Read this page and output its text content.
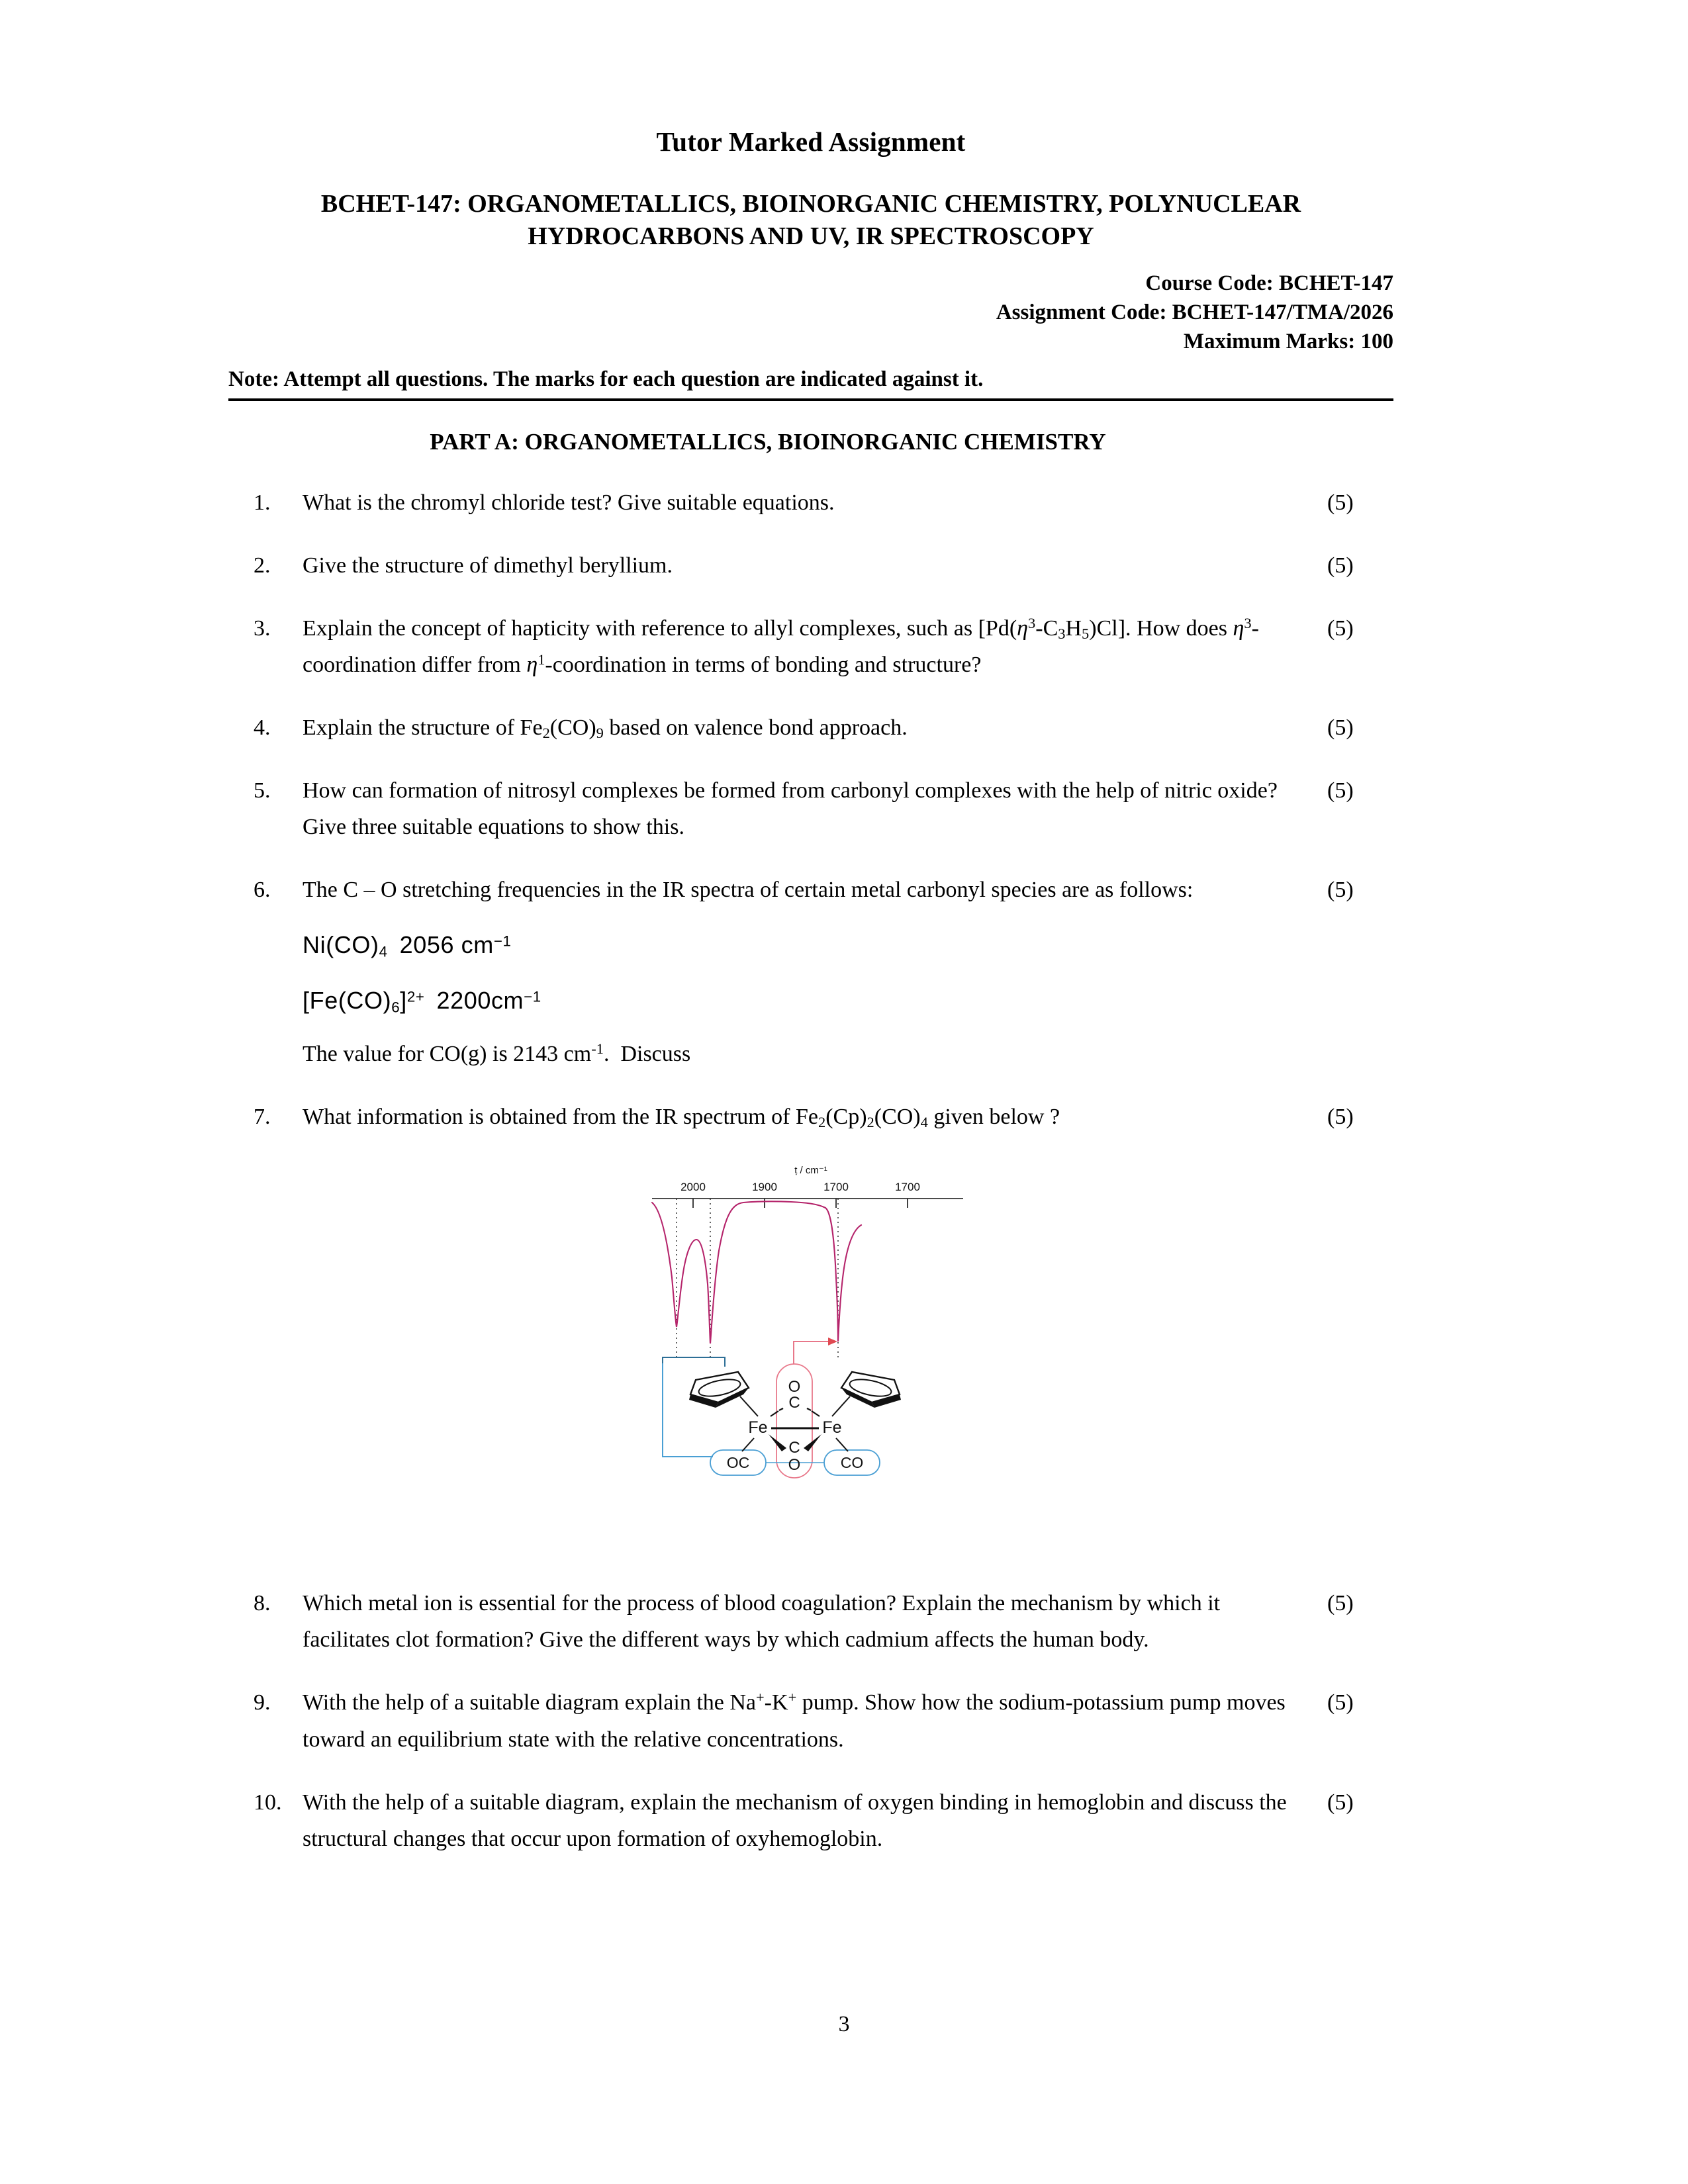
Tutor Marked Assignment
BCHET-147: ORGANOMETALLICS, BIOINORGANIC CHEMISTRY, POLYNUCLEAR HYDROCARBONS AND UV, IR SPECTROSCOPY
Course Code: BCHET-147
Assignment Code: BCHET-147/TMA/2026
Maximum Marks: 100
Note: Attempt all questions. The marks for each question are indicated against it.
PART A: ORGANOMETALLICS, BIOINORGANIC CHEMISTRY
1.	What is the chromyl chloride test? Give suitable equations.	(5)
2.	Give the structure of dimethyl beryllium.	(5)
3.	Explain the concept of hapticity with reference to allyl complexes, such as $[Pd(\eta^3-C_3H_5)Cl]$. How does $\eta^3$-coordination differ from $\eta^1$-coordination in terms of bonding and structure?
(5)
4.	Explain the structure of $Fe_2(CO)_9$ based on valence bond approach.	(5)
5.	How can formation of nitrosyl complexes be formed from carbonyl complexes with the help of nitric oxide? Give three suitable equations to show this.
(5)
6.	The C – O stretching frequencies in the IR spectra of certain metal carbonyl species are as follows:
$Ni(CO)_4$ 2056 $cm^{-1}$
$[Fe(CO)_6]^{2+}$ $2200cm^{-1}$
The value for CO(g) is 2143 $cm^{-1}$.  Discuss
(5)
7.	What information is obtained from the IR spectrum of $Fe_2(Cp)_2(CO)_4$ given below ?	(5)
ṭ / cm⁻¹
2000	1900	1700	1700
Fe	Fe
O
C
C
O
OC	CO
8.	Which metal ion is essential for the process of blood coagulation? Explain the mechanism by which it facilitates clot formation? Give the different ways by which cadmium affects the human body.
(5)
9.	With the help of a suitable diagram explain the Na+-K+ pump. Show how the sodium-potassium pump moves toward an equilibrium state with the relative concentrations.
(5)
10. With the help of a suitable diagram, explain the mechanism of oxygen binding in hemoglobin and discuss the structural changes that occur upon formation of oxyhemoglobin.
(5)
3
